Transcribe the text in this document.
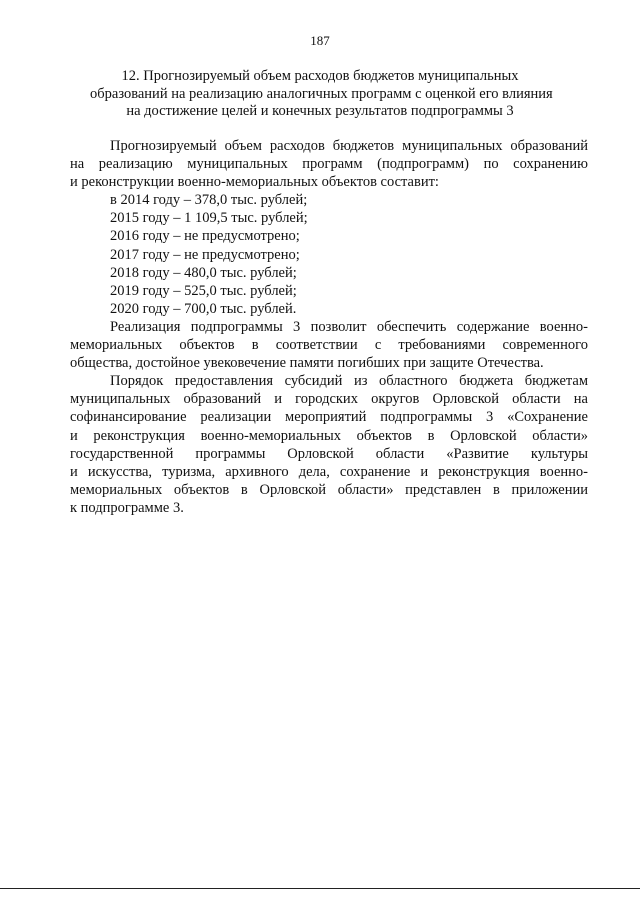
187
12. Прогнозируемый объем расходов бюджетов муниципальных
образований на реализацию аналогичных программ с оценкой его влияния
на достижение целей и конечных результатов подпрограммы 3
Прогнозируемый объем расходов бюджетов муниципальных образований
на реализацию муниципальных программ (подпрограмм) по сохранению
и реконструкции военно-мемориальных объектов составит:
в 2014 году – 378,0 тыс. рублей;
2015 году – 1 109,5 тыс. рублей;
2016 году – не предусмотрено;
2017 году – не предусмотрено;
2018 году – 480,0 тыс. рублей;
2019 году – 525,0 тыс. рублей;
2020 году – 700,0 тыс. рублей.
Реализация подпрограммы 3 позволит обеспечить содержание военно-
мемориальных объектов в соответствии с требованиями современного
общества, достойное увековечение памяти погибших при защите Отечества.
Порядок предоставления субсидий из областного бюджета бюджетам
муниципальных образований и городских округов Орловской области на
софинансирование реализации мероприятий подпрограммы 3 «Сохранение
и реконструкция военно-мемориальных объектов в Орловской области»
государственной программы Орловской области «Развитие культуры
и искусства, туризма, архивного дела, сохранение и реконструкция военно-
мемориальных объектов в Орловской области» представлен в приложении
к подпрограмме 3.
